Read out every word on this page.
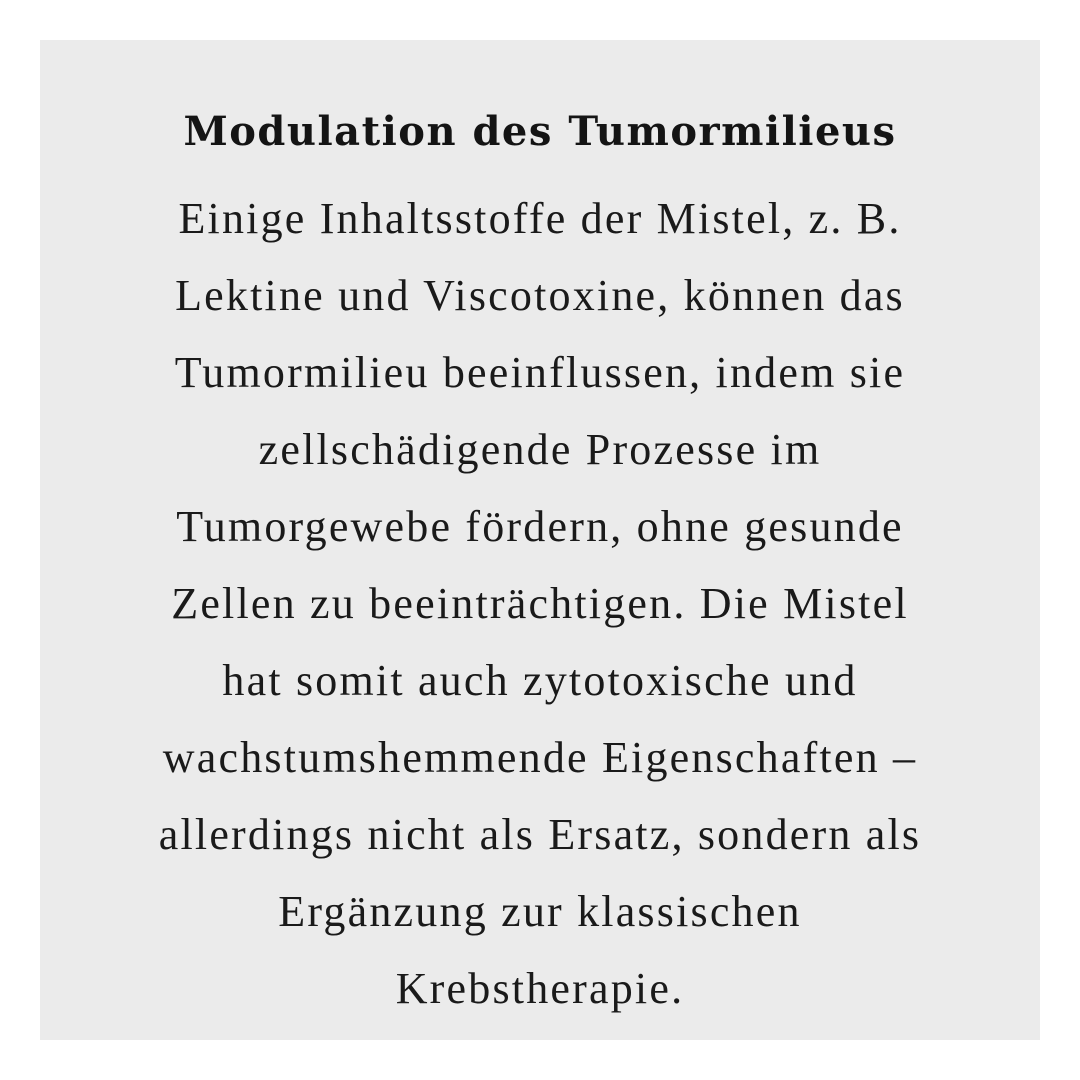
Modulation des Tumormilieus
Einige Inhaltsstoffe der Mistel, z. B.
Lektine und Viscotoxine, können das
Tumormilieu beeinflussen, indem sie
zellschädigende Prozesse im
Tumorgewebe fördern, ohne gesunde
Zellen zu beeinträchtigen. Die Mistel
hat somit auch zytotoxische und
wachstumshemmende Eigenschaften –
allerdings nicht als Ersatz, sondern als
Ergänzung zur klassischen
Krebstherapie.
